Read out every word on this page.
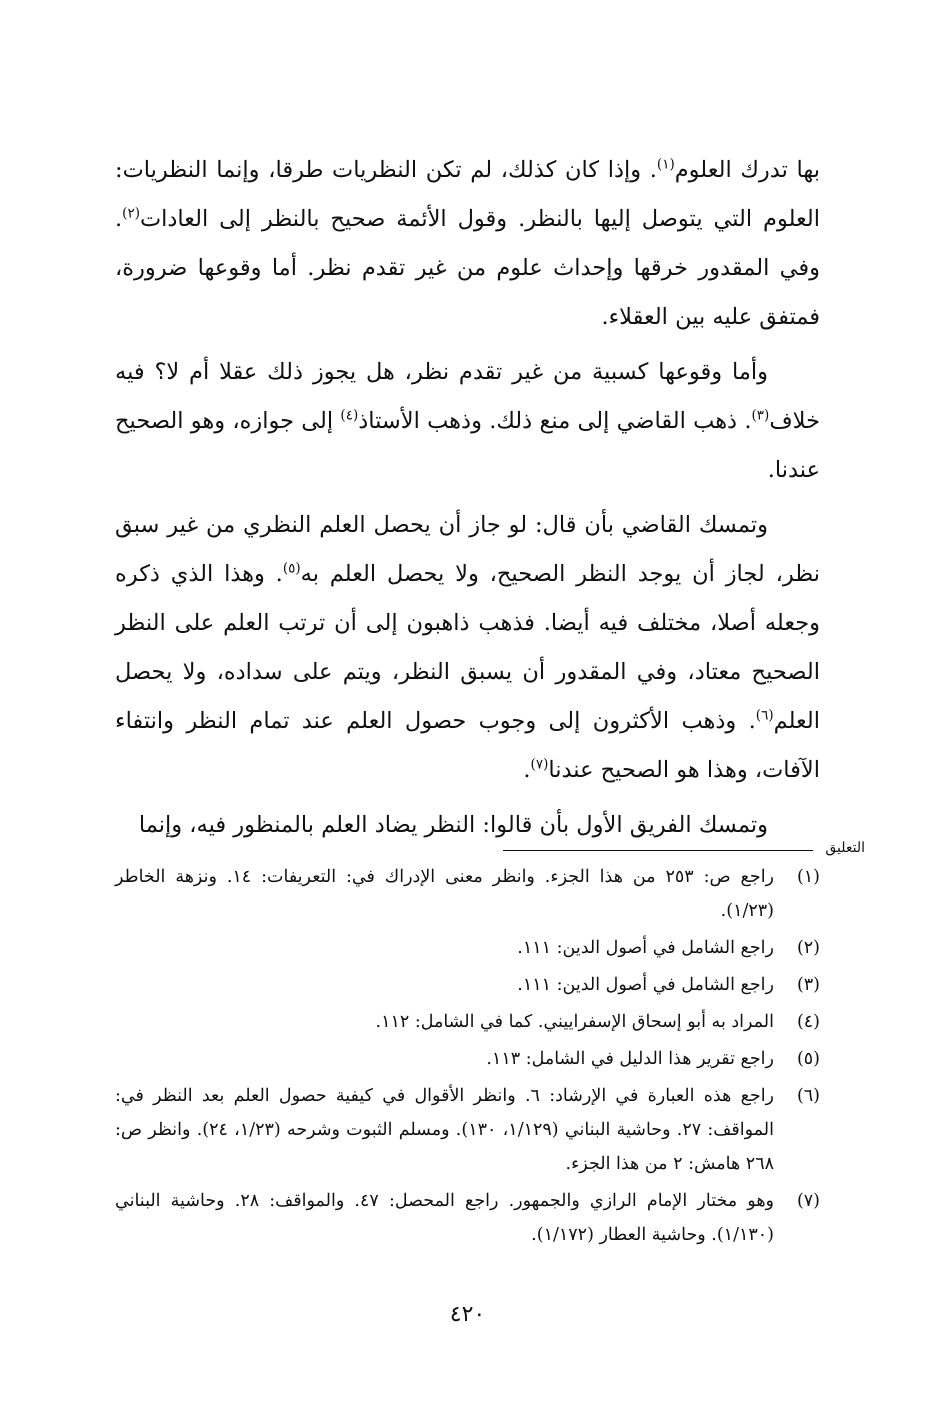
بها تدرك العلوم$^{(١)}$. وإذا كان كذلك، لم تكن النظريات طرقا، وإنما النظريات: العلوم التي يتوصل إليها بالنظر. وقول الأئمة صحيح بالنظر إلى العادات$^{(٢)}$. وفي المقدور خرقها وإحداث علوم من غير تقدم نظر. أما وقوعها ضرورة، فمتفق عليه بين العقلاء.

وأما وقوعها كسبية من غير تقدم نظر، هل يجوز ذلك عقلا أم لا؟ فيه خلاف$^{(٣)}$. ذهب القاضي إلى منع ذلك. وذهب الأستاذ$^{(٤)}$ إلى جوازه، وهو الصحيح عندنا.

وتمسك القاضي بأن قال: لو جاز أن يحصل العلم النظري من غير سبق نظر، لجاز أن يوجد النظر الصحيح، ولا يحصل العلم به$^{(٥)}$. وهذا الذي ذكره وجعله أصلا، مختلف فيه أيضا. فذهب ذاهبون إلى أن ترتب العلم على النظر الصحيح معتاد، وفي المقدور أن يسبق النظر، ويتم على سداده، ولا يحصل العلم$^{(٦)}$. وذهب الأكثرون إلى وجوب حصول العلم عند تمام النظر وانتفاء الآفات، وهذا هو الصحيح عندنا$^{(٧)}$.

وتمسك الفريق الأول بأن قالوا: النظر يضاد العلم بالمنظور فيه، وإنما

التعليق
(١)
راجع ص: ٢٥٣ من هذا الجزء. وانظر معنى الإدراك في: التعريفات: ١٤. ونزهة الخاطر (١/٢٣).
(٢)
راجع الشامل في أصول الدين: ١١١.
(٣)
راجع الشامل في أصول الدين: ١١١.
(٤)
المراد به أبو إسحاق الإسفراييني. كما في الشامل: ١١٢.
(٥)
راجع تقرير هذا الدليل في الشامل: ١١٣.
(٦)
راجع هذه العبارة في الإرشاد: ٦. وانظر الأقوال في كيفية حصول العلم بعد النظر في: المواقف: ٢٧. وحاشية البناني (١/١٢٩، ١٣٠). ومسلم الثبوت وشرحه (١/٢٣، ٢٤). وانظر ص: ٢٦٨ هامش: ٢ من هذا الجزء.
(٧)
وهو مختار الإمام الرازي والجمهور. راجع المحصل: ٤٧. والمواقف: ٢٨. وحاشية البناني (١/١٣٠). وحاشية العطار (١/١٧٢).
٤٢٠
